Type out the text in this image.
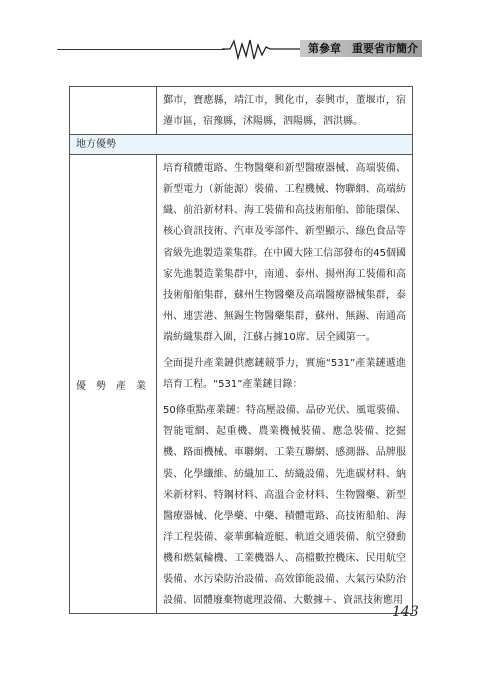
第參章　重要省市簡介

	鄞市，寶應縣，靖江市，興化市，泰興市，董堰市，宿遷市區，宿豫縣，沭陽縣，泗陽縣，泗洪縣。

地方優勢	

優勢產業	培育積體電路、生物醫藥和新型醫療器械、高端裝備、新型電力（新能源）裝備、工程機械、物聯網、高端紡織、前沿新材料、海工裝備和高技術船舶、節能環保、核心資訊技術、汽車及零部件、新型顯示、綠色食品等省級先進製造業集群。在中國大陸工信部發布的45個國家先進製造業集群中，南通、泰州、揚州海工裝備和高技術船舶集群，蘇州生物醫藥及高端醫療器械集群，泰州、連雲港、無錫生物醫藥集群，蘇州、無錫、南通高端紡織集群入圍，江蘇占據10席、居全國第一。
全面提升產業鏈供應鏈競爭力，實施“531”產業鏈遞進培育工程。“531”產業鏈目錄：
50條重點產業鏈：特高壓設備、晶矽光伏、風電裝備、智能電網、起重機、農業機械裝備、應急裝備、挖掘機、路面機械、車聯網、工業互聯網、感測器、品牌服裝、化學纖維、紡織加工、紡織設備、先進碳材料、納米新材料、特鋼材料、高溫合金材料、生物醫藥、新型醫療器械、化學藥、中藥、積體電路、高技術船舶、海洋工程裝備、豪華郵輪遊艇、軌道交通裝備、航空發動機和燃氣輪機、工業機器人、高檔數控機床、民用航空裝備、水污染防治設備、高效節能設備、大氣污染防治設備、固體廢棄物處理設備、大數據＋、資訊技術應用
143
